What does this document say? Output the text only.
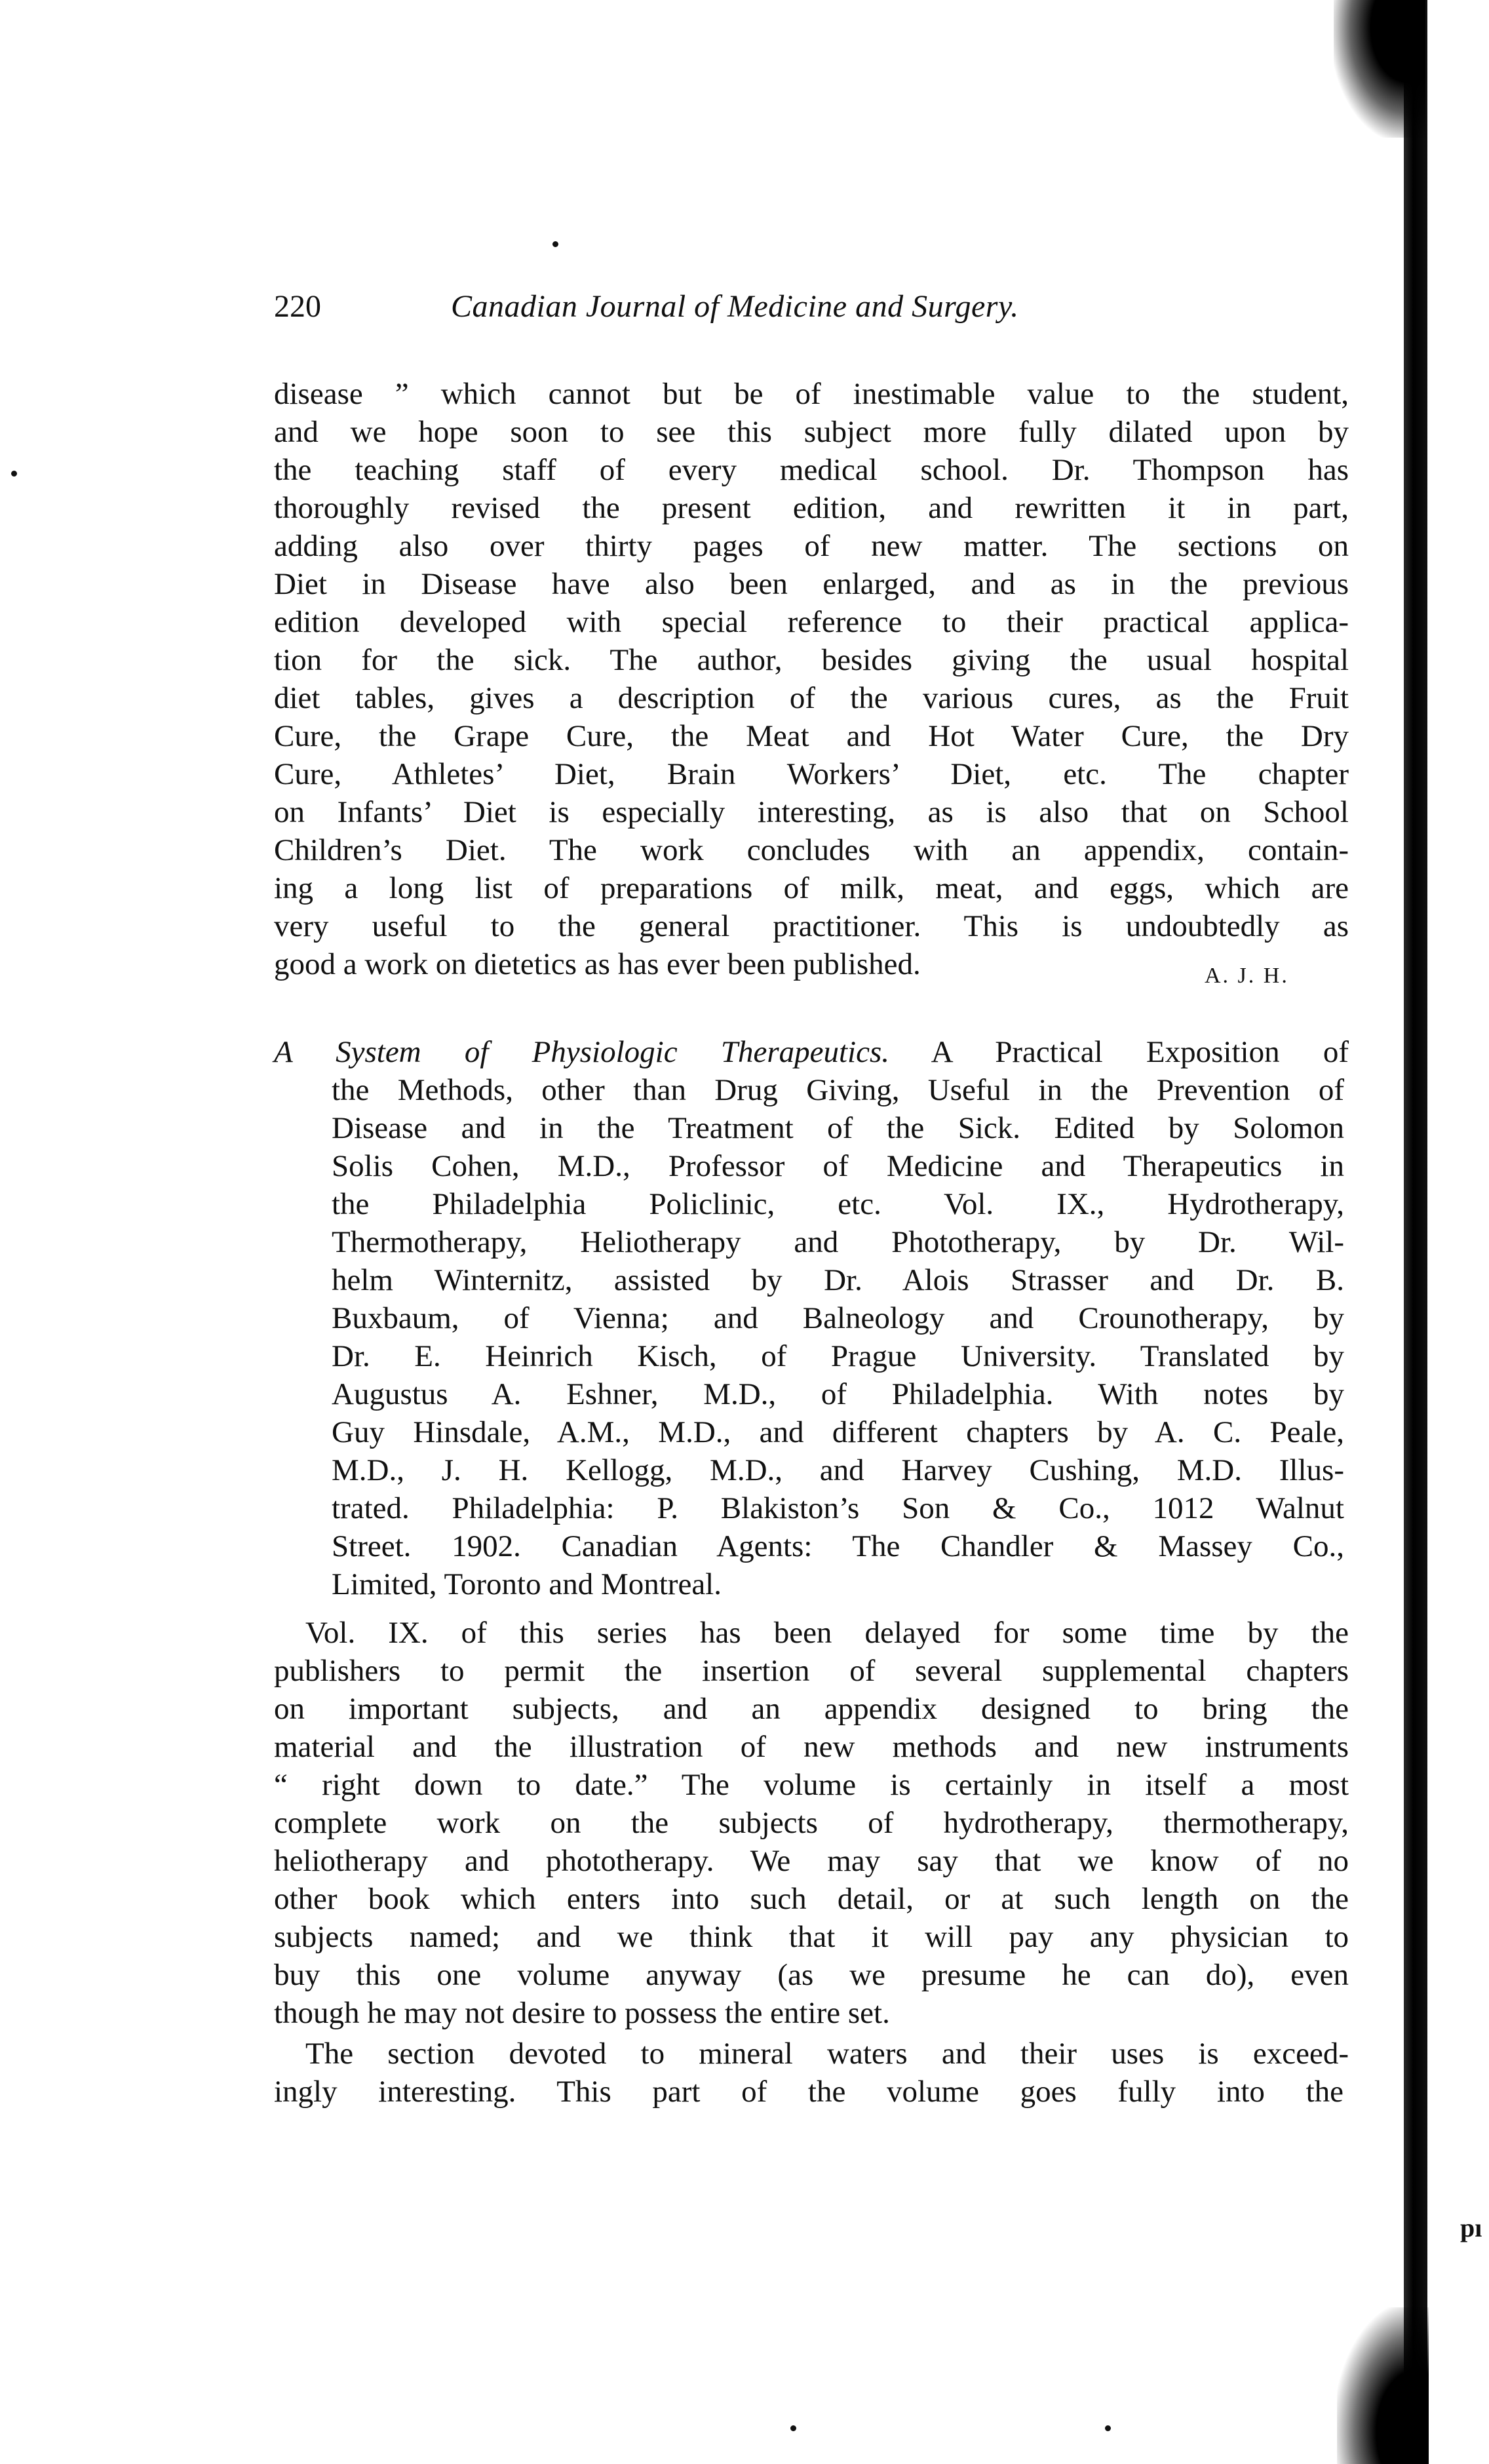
pı
220	Canadian Journal of Medicine and Surgery.
disease ” which cannot but be of inestimable value to the student,
and we hope soon to see this subject more fully dilated upon by
the teaching staff of every medical school. Dr. Thompson has
thoroughly revised the present edition, and rewritten it in part,
adding also over thirty pages of new matter. The sections on
Diet in Disease have also been enlarged, and as in the previous
edition developed with special reference to their practical applica-
tion for the sick. The author, besides giving the usual hospital
diet tables, gives a description of the various cures, as the Fruit
Cure, the Grape Cure, the Meat and Hot Water Cure, the Dry
Cure, Athletes’ Diet, Brain Workers’ Diet, etc. The chapter
on Infants’ Diet is especially interesting, as is also that on School
Children’s Diet. The work concludes with an appendix, contain-
ing a long list of preparations of milk, meat, and eggs, which are
very useful to the general practitioner. This is undoubtedly as
good a work on dietetics as has ever been published.	A. J. H.
A System of Physiologic Therapeutics. A Practical Exposition of
the Methods, other than Drug Giving, Useful in the Prevention of
Disease and in the Treatment of the Sick. Edited by Solomon
Solis Cohen, M.D., Professor of Medicine and Therapeutics in
the Philadelphia Policlinic, etc. Vol. IX., Hydrotherapy,
Thermotherapy, Heliotherapy and Phototherapy, by Dr. Wil-
helm Winternitz, assisted by Dr. Alois Strasser and Dr. B.
Buxbaum, of Vienna; and Balneology and Crounotherapy, by
Dr. E. Heinrich Kisch, of Prague University. Translated by
Augustus A. Eshner, M.D., of Philadelphia. With notes by
Guy Hinsdale, A.M., M.D., and different chapters by A. C. Peale,
M.D., J. H. Kellogg, M.D., and Harvey Cushing, M.D. Illus-
trated. Philadelphia: P. Blakiston’s Son & Co., 1012 Walnut
Street. 1902. Canadian Agents: The Chandler & Massey Co.,
Limited, Toronto and Montreal.
Vol. IX. of this series has been delayed for some time by the
publishers to permit the insertion of several supplemental chapters
on important subjects, and an appendix designed to bring the
material and the illustration of new methods and new instruments
“ right down to date.” The volume is certainly in itself a most
complete work on the subjects of hydrotherapy, thermotherapy,
heliotherapy and phototherapy. We may say that we know of no
other book which enters into such detail, or at such length on the
subjects named; and we think that it will pay any physician to
buy this one volume anyway (as we presume he can do), even
though he may not desire to possess the entire set.
The section devoted to mineral waters and their uses is exceed-
ingly interesting. This part of the volume goes fully into the
